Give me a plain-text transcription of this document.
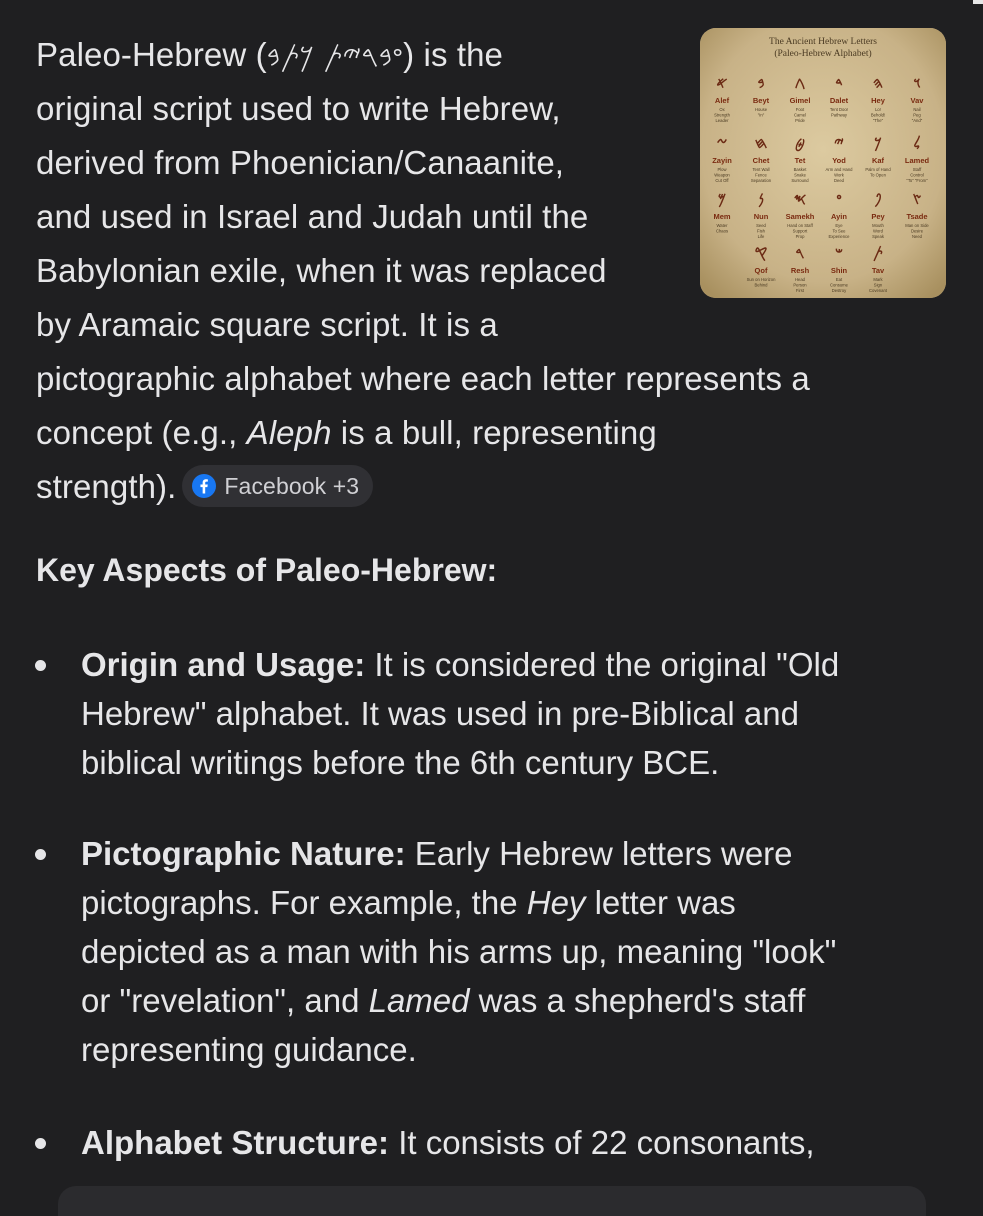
Paleo-Hebrew (𐤏𐤁𐤓𐤉𐤕 𐤊𐤕𐤁) is the
original script used to write Hebrew,
derived from Phoenician/Canaanite,
and used in Israel and Judah until the
Babylonian exile, when it was replaced
by Aramaic square script. It is a
pictographic alphabet where each letter represents a
concept (e.g., Aleph is a bull, representing
strength). Facebook +3
The Ancient Hebrew Letters
(Paleo-Hebrew Alphabet)
𐤀
Alef
Ox
Strength
Leader
𐤁
Beyt
House
"In"
𐤂
Gimel
Foot
Camel
Pride
𐤃
Dalet
Tent Door
Pathway
𐤄
Hey
Lo!
Behold!
"The"
𐤅
Vav
Nail
Peg
"And"
𐤆
Zayin
Plow
Weapon
Cut Off
𐤇
Chet
Tent Wall
Fence
Separation
𐤈
Tet
Basket
Snake
Surround
𐤉
Yod
Arm and Hand
Work
Deed
𐤊
Kaf
Palm of Hand
To Open
𐤋
Lamed
Staff
Control
"To" "From"
𐤌
Mem
Water
Chaos
𐤍
Nun
Seed
Fish
Life
𐤎
Samekh
Hand on Staff
Support
Prop
𐤏
Ayin
Eye
To See
Experience
𐤐
Pey
Mouth
Word
Speak
𐤑
Tsade
Man on Side
Desire
Need
𐤒
Qof
Sun on Horizon
Behind
𐤓
Resh
Head
Person
First
𐤔
Shin
Eat
Consume
Destroy
𐤕
Tav
Mark
Sign
Covenant
Key Aspects of Paleo-Hebrew:
Origin and Usage: It is considered the original "Old
Hebrew" alphabet. It was used in pre-Biblical and
biblical writings before the 6th century BCE.
Pictographic Nature: Early Hebrew letters were
pictographs. For example, the Hey letter was
depicted as a man with his arms up, meaning "look"
or "revelation", and Lamed was a shepherd's staff
representing guidance.
Alphabet Structure: It consists of 22 consonants,
